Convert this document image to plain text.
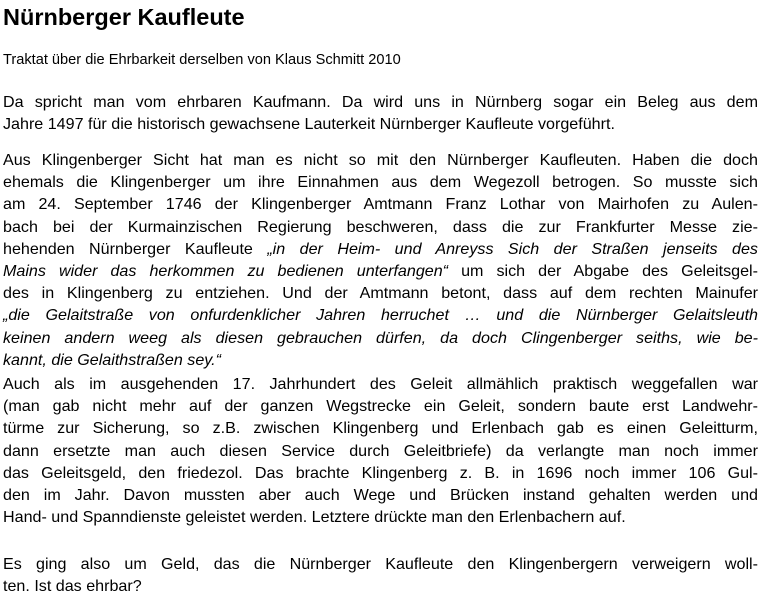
Nürnberger Kaufleute
Traktat über die Ehrbarkeit derselben von Klaus Schmitt 2010
Da spricht man vom ehrbaren Kaufmann. Da wird uns in Nürnberg sogar ein Beleg aus dem
Jahre 1497 für die historisch gewachsene Lauterkeit Nürnberger Kaufleute vorgeführt.
Aus Klingenberger Sicht hat man es nicht so mit den Nürnberger Kaufleuten. Haben die doch
ehemals die Klingenberger um ihre Einnahmen aus dem Wegezoll betrogen. So musste sich
am 24. September 1746 der Klingenberger Amtmann Franz Lothar von Mairhofen zu Aulen-
bach bei der Kurmainzischen Regierung beschweren, dass die zur Frankfurter Messe zie-
hehenden Nürnberger Kaufleute „in der Heim- und Anreyss Sich der Straßen jenseits des
Mains wider das herkommen zu bedienen unterfangen“ um sich der Abgabe des Geleitsgel-
des in Klingenberg zu entziehen. Und der Amtmann betont, dass auf dem rechten Mainufer
„die Gelaitstraße von onfurdenklicher Jahren herruchet … und die Nürnberger Gelaitsleuth
keinen andern weeg als diesen gebrauchen dürfen, da doch Clingenberger seiths, wie be-
kannt, die Gelaithstraßen sey.“
Auch als im ausgehenden 17. Jahrhundert des Geleit allmählich praktisch weggefallen war
(man gab nicht mehr auf der ganzen Wegstrecke ein Geleit, sondern baute erst Landwehr-
türme zur Sicherung, so z.B. zwischen Klingenberg und Erlenbach gab es einen Geleitturm,
dann ersetzte man auch diesen Service durch Geleitbriefe) da verlangte man noch immer
das Geleitsgeld, den friedezol. Das brachte Klingenberg z. B. in 1696 noch immer 106 Gul-
den im Jahr. Davon mussten aber auch Wege und Brücken instand gehalten werden und
Hand- und Spanndienste geleistet werden. Letztere drückte man den Erlenbachern auf.
Es ging also um Geld, das die Nürnberger Kaufleute den Klingenbergern verweigern woll-
ten. Ist das ehrbar?
